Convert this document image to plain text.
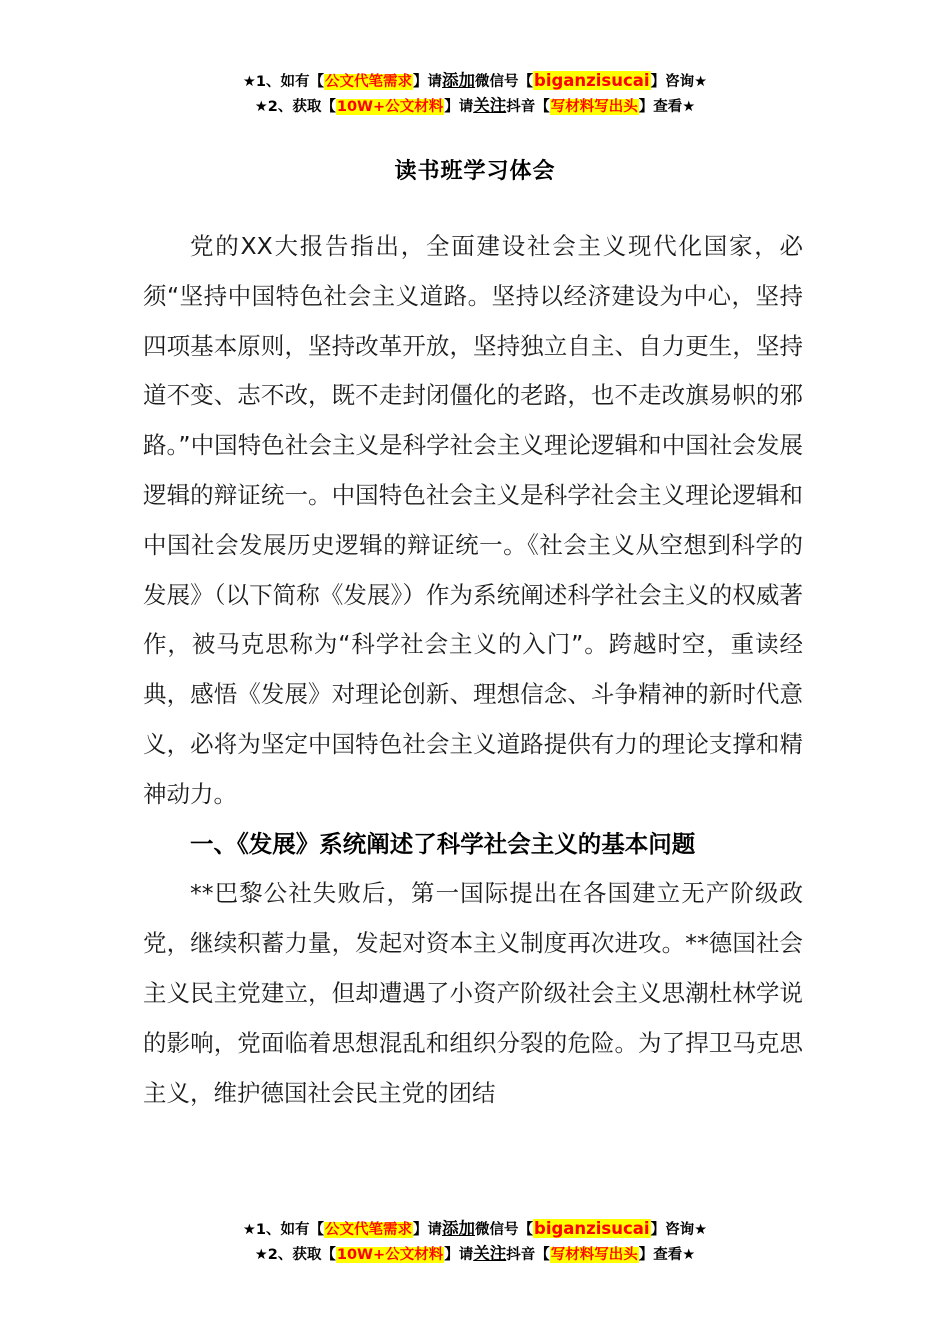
★1、如有【公文代笔需求】请添加微信号【biganzisucai】咨询★
★2、获取【10W+公文材料】请关注抖音【写材料写出头】查看★
读书班学习体会

党的XX大报告指出，全面建设社会主义现代化国家，必须“坚持中国特色社会主义道路。坚持以经济建设为中心，坚持四项基本原则，坚持改革开放，坚持独立自主、自力更生，坚持道不变、志不改，既不走封闭僵化的老路，也不走改旗易帜的邪路。”中国特色社会主义是科学社会主义理论逻辑和中国社会发展逻辑的辩证统一。中国特色社会主义是科学社会主义理论逻辑和中国社会发展历史逻辑的辩证统一。《社会主义从空想到科学的发展》（以下简称《发展》）作为系统阐述科学社会主义的权威著作，被马克思称为“科学社会主义的入门”。跨越时空，重读经典，感悟《发展》对理论创新、理想信念、斗争精神的新时代意义，必将为坚定中国特色社会主义道路提供有力的理论支撑和精神动力。

一、《发展》系统阐述了科学社会主义的基本问题

**巴黎公社失败后，第一国际提出在各国建立无产阶级政党，继续积蓄力量，发起对资本主义制度再次进攻。**德国社会主义民主党建立，但却遭遇了小资产阶级社会主义思潮杜林学说的影响，党面临着思想混乱和组织分裂的危险。为了捍卫马克思主义，维护德国社会民主党的团结

★1、如有【公文代笔需求】请添加微信号【biganzisucai】咨询★
★2、获取【10W+公文材料】请关注抖音【写材料写出头】查看★
